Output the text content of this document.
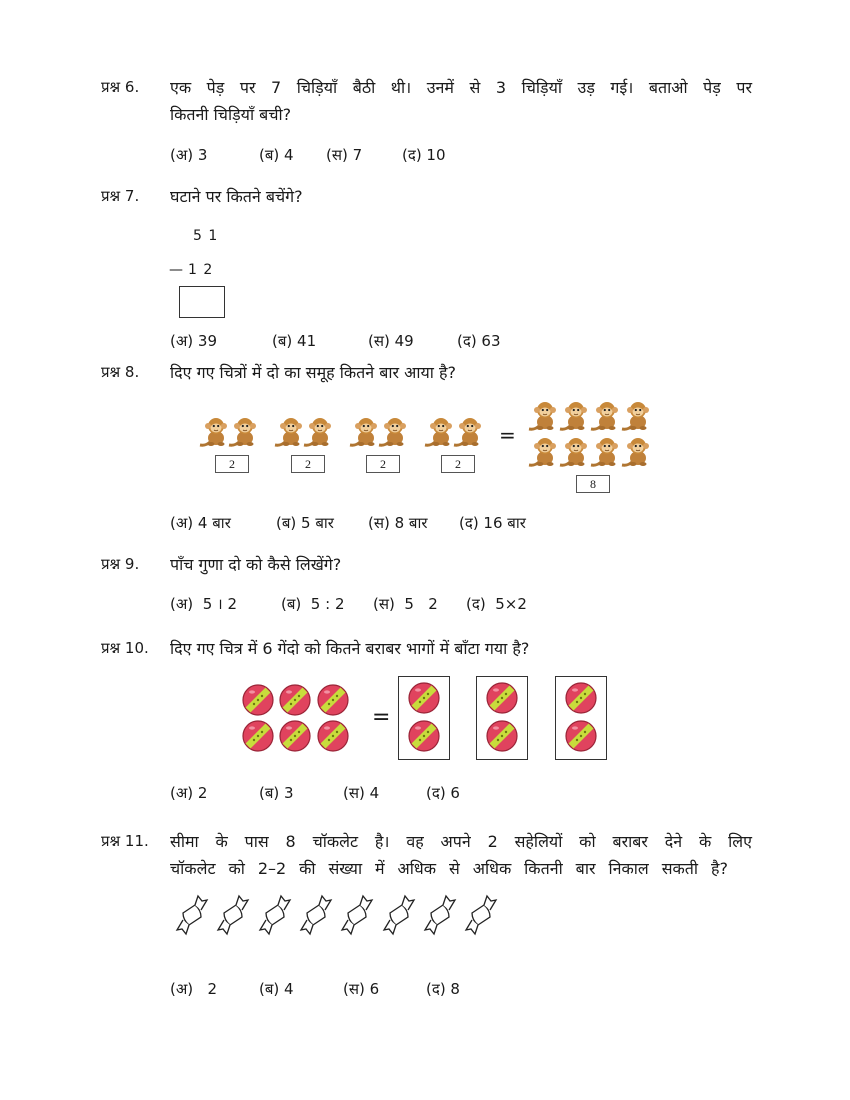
प्रश्न 6. एक पेड़ पर 7 चिड़ियाँ बैठी थी। उनमें से 3 चिड़ियाँ उड़ गई। बताओ पेड़ पर
कितनी चिड़ियाँ बची?
(अ) 3	(ब) 4 (स) 7	(द) 10
प्रश्न 7. घटाने पर कितने बचेंगे?
5 1
— 1 2
(अ) 39	(ब) 41	(स) 49	(द) 63
प्रश्न 8. दिए गए चित्रों में दो का समूह कितने बार आया है?
2	2	2	2
=
8
(अ) 4 बार	(ब) 5 बार (स) 8 बार (द) 16 बार
प्रश्न 9. पाँच गुणा दो को कैसे लिखेंगे?
(अ)  5 । 2	(ब)  5 : 2 (स)  5   2 (द)  5×2
प्रश्न 10. दिए गए चित्र में 6 गेंदो को कितने बराबर भागों में बाँटा गया है?
=
(अ) 2	(ब) 3	(स) 4	(द) 6
प्रश्न 11. सीमा के पास 8 चॉकलेट है। वह अपने 2 सहेलियों को बराबर देने के लिए
चॉकलेट को 2–2 की संख्या में अधिक से अधिक कितनी बार निकाल सकती है?
(अ)   2	(ब) 4	(स) 6	(द) 8
